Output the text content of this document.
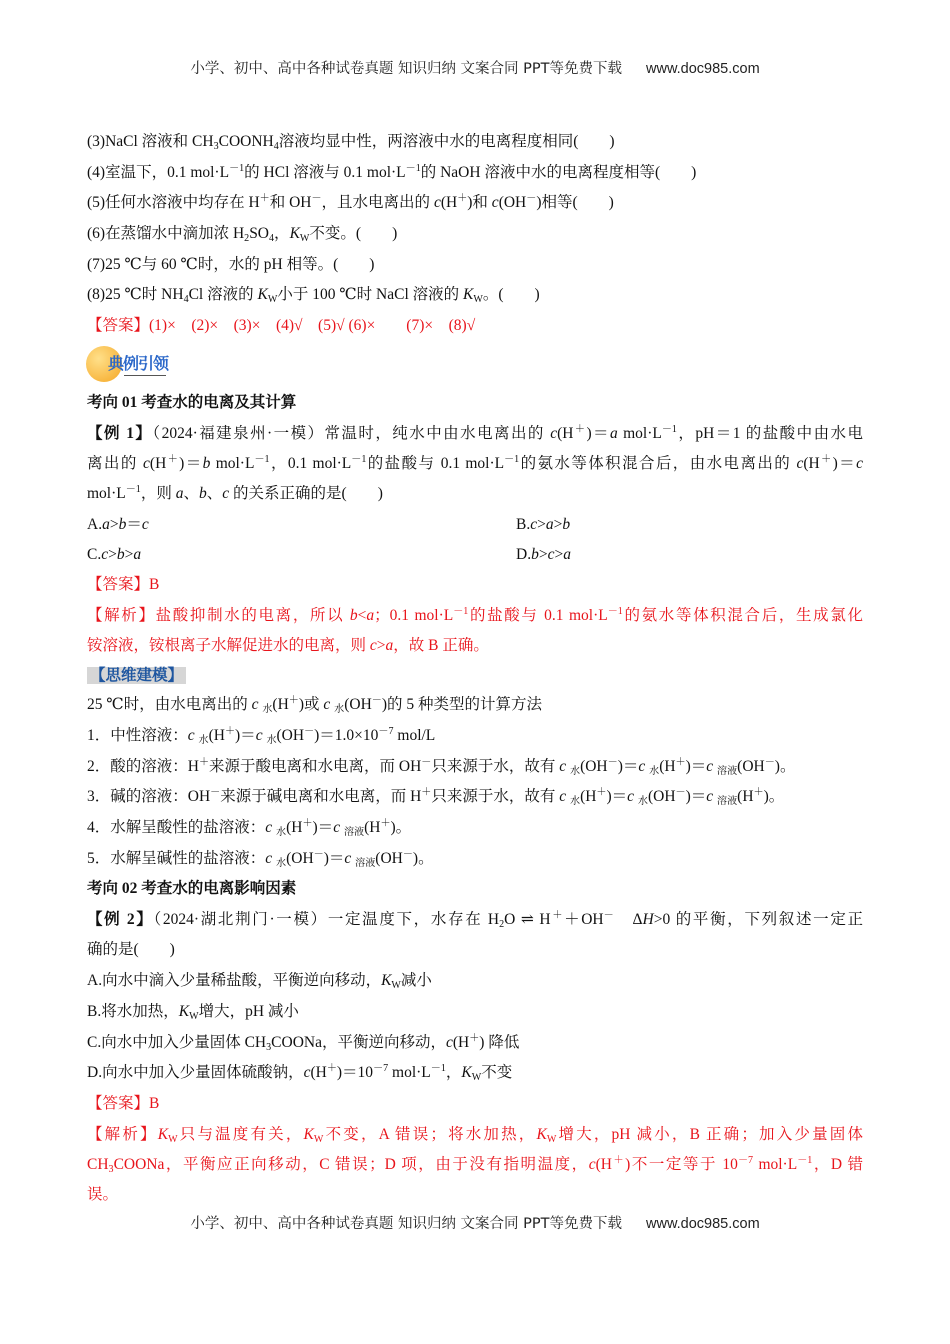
小学、初中、高中各种试卷真题 知识归纳 文案合同 PPT等免费下载 www.doc985.com
(3)NaCl 溶液和 $CH_3COONH_4$溶液均显中性，两溶液中水的电离程度相同(　　)
(4)室温下，0.1 $mol\cdot L^{-1}$的 HCl 溶液与 0.1 $mol\cdot L^{-1}$的 NaOH 溶液中水的电离程度相等(　　)
(5)任何水溶液中均存在 H＋和 OH－，且水电离出的 c(H＋)和 c(OH－)相等(　　)
(6)在蒸馏水中滴加浓 $H_2SO_4$，$K_W$不变。(　　)
(7)25 ℃与 60 ℃时，水的 pH 相等。(　　)
(8)25 ℃时 $NH_4Cl$ 溶液的 $K_W$小于 100 ℃时 NaCl 溶液的 $K_W$。(　　)
【答案】(1)×　(2)×　(3)×　(4)√　(5)√ (6)×　　(7)×　(8)√
典例引领
考向 01 考查水的电离及其计算
【例 1】（2024·福建泉州·一模）常温时，纯水中由水电离出的 c(H＋)＝a $mol\cdot L^{-1}$，pH＝1 的盐酸中由水电
离出的 c(H＋)＝b $mol\cdot L^{-1}$，0.1 $mol\cdot L^{-1}$的盐酸与 0.1 $mol\cdot L^{-1}$的氨水等体积混合后，由水电离出的 c(H＋)＝c
$mol\cdot L^{-1}$，则 a、b、c 的关系正确的是(　　)
A.a>b＝c	B.c>a>b
C.c>b>a	D.b>c>a
【答案】B
【解析】盐酸抑制水的电离，所以 b<a；0.1 $mol\cdot L^{-1}$的盐酸与 0.1 $mol\cdot L^{-1}$的氨水等体积混合后，生成氯化
铵溶液，铵根离子水解促进水的电离，则 c>a，故 B 正确。
【思维建模】
25 ℃时，由水电离出的 c $_水$(H＋)或 c $_水$(OH－)的 5 种类型的计算方法
1．中性溶液：c $_水$(H＋)＝c $_水(OH^-)=1.0\times 10^{-7}$ mol/L
2．酸的溶液：H＋来源于酸电离和水电离，而 OH－只来源于水，故有 c $_水$(OH－)＝c $_水$(H＋)＝c $_{溶液}$(OH－)。
3．碱的溶液：OH－来源于碱电离和水电离，而 H＋只来源于水，故有 c $_水$(H＋)＝c $_水$(OH－)＝c $_{溶液}$(H＋)。
4．水解呈酸性的盐溶液：c $_水$(H＋)＝c $_{溶液}$(H＋)。
5．水解呈碱性的盐溶液：c $_水$(OH－)＝c $_{溶液}$(OH－)。
考向 02 考查水的电离影响因素
【例 2】（2024·湖北荆门·一模）一定温度下，水存在 $H_2O$ ⇌ H＋＋OH－　ΔH>0 的平衡，下列叙述一定正
确的是(　　)
A.向水中滴入少量稀盐酸，平衡逆向移动，$K_W$减小
B.将水加热，$K_W$增大，pH 减小
C.向水中加入少量固体 $CH_3COONa$，平衡逆向移动，c(H＋) 降低
D.向水中加入少量固体硫酸钠，$c(H^+)=10^{-7}$ $mol\cdot L^{-1}$，$K_W$不变
【答案】B
【解析】$K_W$只与温度有关，$K_W$不变，A 错误；将水加热，$K_W$增大，pH 减小，B 正确；加入少量固体
$CH_3COONa$，平衡应正向移动，C 错误；D 项，由于没有指明温度，c(H＋)不一定等于 $10^{-7}$ $mol\cdot L^{-1}$，D 错
误。
小学、初中、高中各种试卷真题 知识归纳 文案合同 PPT等免费下载 www.doc985.com
